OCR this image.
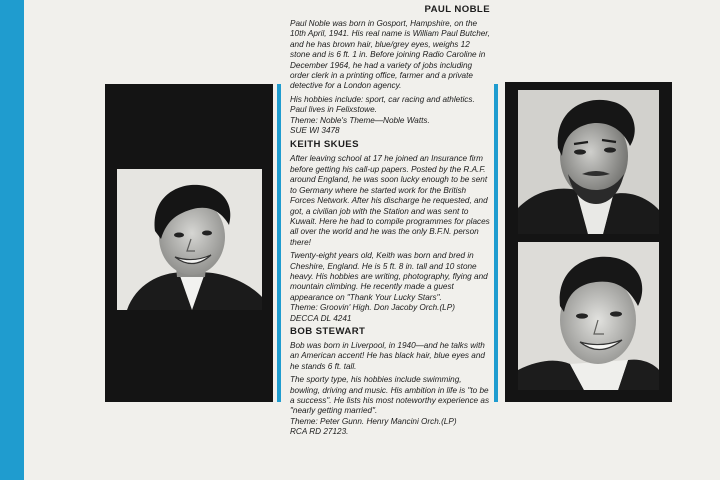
PAUL NOBLE

Paul Noble was born in Gosport, Hampshire, on the 10th April, 1941. His real name is William Paul Butcher, and he has brown hair, blue/grey eyes, weighs 12 stone and is 6 ft. 1 in. Before joining Radio Caroline in December 1964, he had a variety of jobs including order clerk in a printing office, farmer and a private detective for a London agency.

His hobbies include: sport, car racing and athletics. Paul lives in Felixstowe.

Theme: Noble's Theme—Noble Watts.
SUE WI 3478
KEITH SKUES

After leaving school at 17 he joined an Insurance firm before getting his call-up papers. Posted by the R.A.F. around England, he was soon lucky enough to be sent to Germany where he started work for the British Forces Network. After his discharge he requested, and got, a civilian job with the Station and was sent to Kuwait. Here he had to compile programmes for places all over the world and he was the only B.F.N. person there!

Twenty-eight years old, Keith was born and bred in Cheshire, England. He is 5 ft. 8 in. tall and 10 stone heavy. His hobbies are writing, photography, flying and mountain climbing. He recently made a guest appearance on "Thank Your Lucky Stars".

Theme: Groovin' High. Don Jacoby Orch.(LP)
DECCA DL 4241
BOB STEWART

Bob was born in Liverpool, in 1940—and he talks with an American accent! He has black hair, blue eyes and he stands 6 ft. tall.

The sporty type, his hobbies include swimming, bowling, driving and music. His ambition in life is "to be a success". He lists his most noteworthy experience as "nearly getting married".

Theme: Peter Gunn. Henry Mancini Orch.(LP)
RCA RD 27123.
